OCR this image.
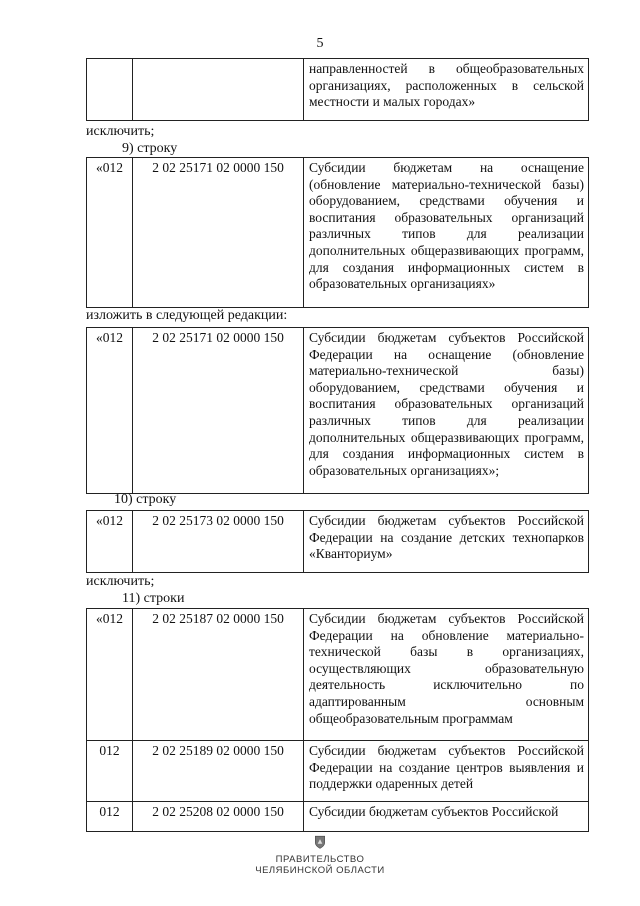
5
		направленностей в общеобразовательных организациях, расположенных в сельской местности и малых городах»
исключить;
9) строку
«012	2 02 25171 02 0000 150	Субсидии бюджетам на оснащение (обновление материально-технической базы) оборудованием, средствами обучения и воспитания образовательных организаций различных типов для реализации дополнительных общеразвивающих программ, для создания информационных систем в образовательных организациях»
изложить в следующей редакции:
«012	2 02 25171 02 0000 150	Субсидии бюджетам субъектов Российской Федерации на оснащение (обновление материально-технической базы) оборудованием, средствами обучения и воспитания образовательных организаций различных типов для реализации дополнительных общеразвивающих программ, для создания информационных систем в образовательных организациях»;
10) строку
«012	2 02 25173 02 0000 150	Субсидии бюджетам субъектов Российской Федерации на создание детских технопарков «Кванториум»
исключить;
11) строки
«012	2 02 25187 02 0000 150	Субсидии бюджетам субъектов Российской Федерации на обновление материально-технической базы в организациях, осуществляющих образовательную деятельность исключительно по адаптированным основным общеобразовательным программам
012	2 02 25189 02 0000 150	Субсидии бюджетам субъектов Российской Федерации на создание центров выявления и поддержки одаренных детей
012	2 02 25208 02 0000 150	Субсидии бюджетам субъектов Российской
ПРАВИТЕЛЬСТВО
ЧЕЛЯБИНСКОЙ ОБЛАСТИ
